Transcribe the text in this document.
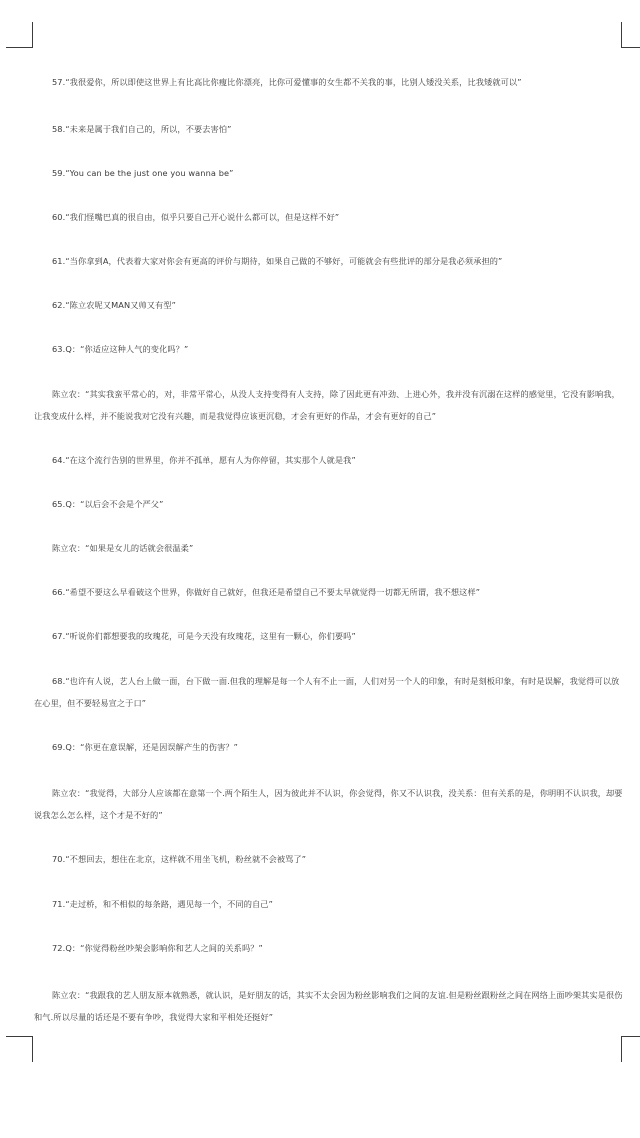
57.“我很爱你，所以即使这世界上有比高比你瘦比你漂亮，比你可爱懂事的女生都不关我的事，比别人矮没关系，比我矮就可以”
58.“未来是属于我们自己的，所以，不要去害怕”
59.“You can be the just one you wanna be”
60.“我们怪嘴巴真的很自由，似乎只要自己开心说什么都可以，但是这样不好”
61.“当你拿到A，代表着大家对你会有更高的评价与期待，如果自己做的不够好，可能就会有些批评的部分是我必须承担的”
62.“陈立农呢又MAN又帅又有型”
63.Q：“你适应这种人气的变化吗？”
陈立农：“其实我蛮平常心的，对，非常平常心，从没人支持变得有人支持，除了因此更有冲劲、上进心外，我并没有沉溺在这样的感觉里，它没有影响我，让我变成什么样，并不能说我对它没有兴趣，而是我觉得应该更沉稳，才会有更好的作品，才会有更好的自己”
64.“在这个流行告别的世界里，你并不孤单，愿有人为你停留，其实那个人就是我”
65.Q：“以后会不会是个严父”
陈立农：“如果是女儿的话就会很温柔”
66.“希望不要这么早看破这个世界，你做好自己就好，但我还是希望自己不要太早就觉得一切都无所谓，我不想这样”
67.“听说你们都想要我的玫瑰花，可是今天没有玫瑰花，这里有一颗心，你们要吗”
68.“也许有人说，艺人台上做一面，台下做一面.但我的理解是每一个人有不止一面，人们对另一个人的印象，有时是刻板印象，有时是误解，我觉得可以放在心里，但不要轻易宣之于口”
69.Q：“你更在意误解，还是因误解产生的伤害？”
陈立农：“我觉得，大部分人应该都在意第一个.两个陌生人，因为彼此并不认识，你会觉得，你又不认识我，没关系：但有关系的是，你明明不认识我，却要说我怎么怎么样，这个才是不好的”
70.“不想回去，想住在北京，这样就不用坐飞机，粉丝就不会被骂了”
71.“走过桥，和不相似的每条路，遇见每一个，不同的自己”
72.Q：“你觉得粉丝吵架会影响你和艺人之间的关系吗？”
陈立农：“我跟我的艺人朋友原本就熟悉，就认识，是好朋友的话，其实不太会因为粉丝影响我们之间的友谊.但是粉丝跟粉丝之间在网络上面吵架其实是很伤和气.所以尽量的话还是不要有争吵，我觉得大家和平相处还挺好”
